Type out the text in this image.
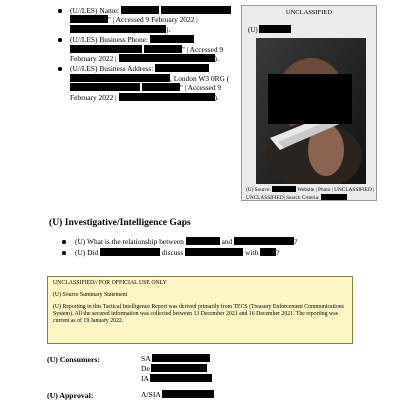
(U//LES) Name:   " | Accessed 9 February 2022 | ).
(U//LES) Business Phone:   " | Accessed 9 February 2022 |	).
(U//LES) Business Address:  , London W3 0RG ( " | Accessed 9 February 2022 |	).
UNCLASSIFIED
(U)
(U) Source:	Website | Photo | UNCLASSIFIED | UNCLASSIFIED| Search Criteria:
(U) Investigative/Intelligence Gaps
(U) What is the relationship between	and	?
(U) Did	discuss	with ?

UNCLASSIFIED// FOR OFFICIAL USE ONLY

(U) Source Summary Statement

(U) Reporting in this Tactical Intelligence Report was derived primarily from TECS (Treasury Enforcement Communications System). All the secured information was collected between 13 December 2021 and 16 December 2021. The reporting was current as of 19 January 2022.

(U) Consumers:	SA
De
IA
(U) Approval:	A/SIA
